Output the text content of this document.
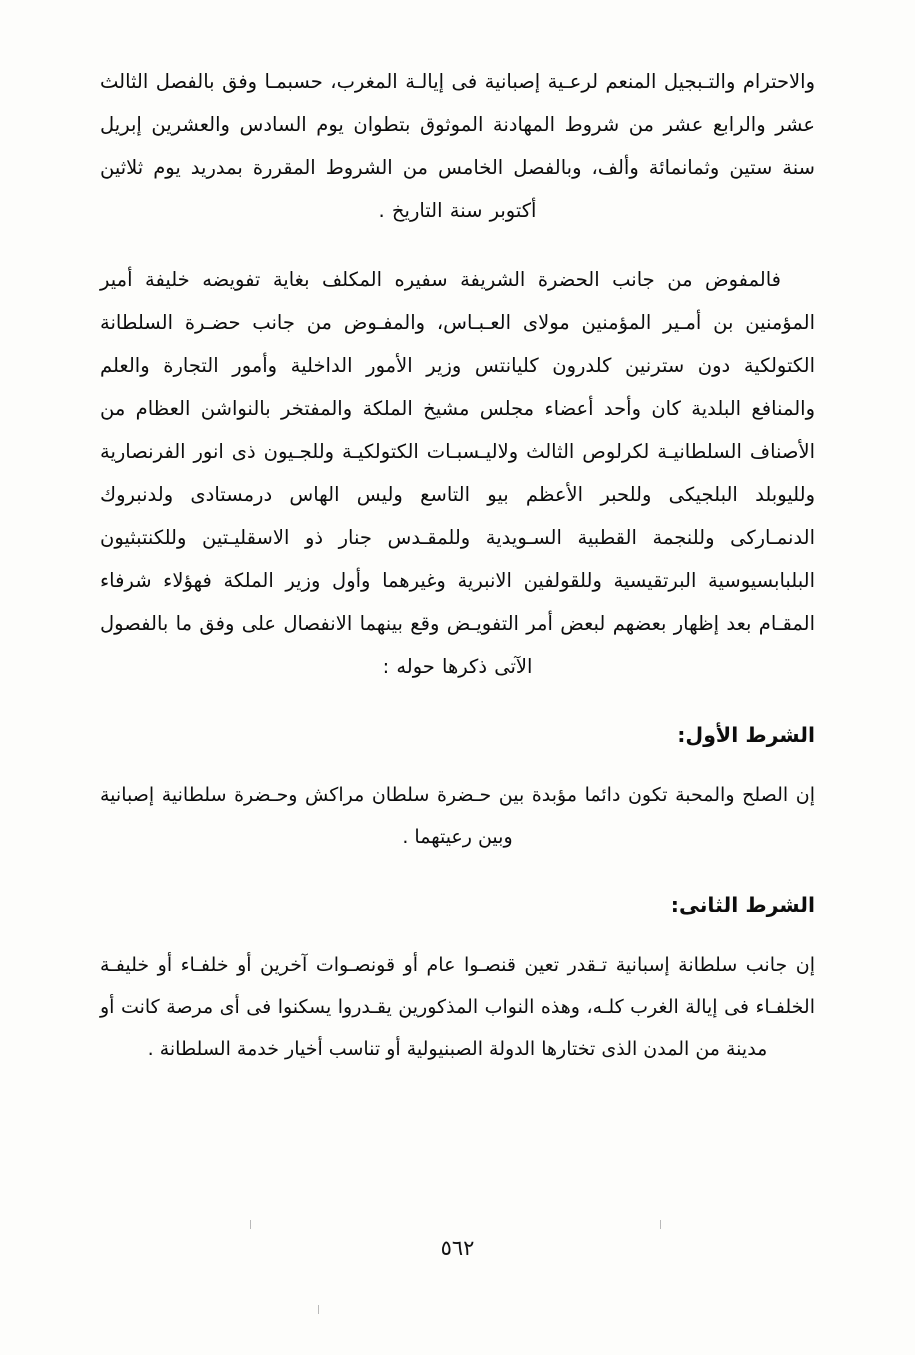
والاحترام والتـبجيل المنعم لرعـية إصبانية فى إيالـة المغرب، حسبمـا وفق بالفصل الثالث عشر والرابع عشر من شروط المهادنة الموثوق بتطوان يوم السادس والعشرين إبريل سنة ستين وثمانمائة وألف، وبالفصل الخامس من الشروط المقررة بمدريد يوم ثلاثين أكتوبر سنة التاريخ .

فالمفوض من جانب الحضرة الشريفة سفيره المكلف بغاية تفويضه خليفة أمير المؤمنين بن أمـير المؤمنين مولاى العـبـاس، والمفـوض من جانب حضـرة السلطانة الكتولكية دون سترنين كلدرون كليانتس وزير الأمور الداخلية وأمور التجارة والعلم والمنافع البلدية كان وأحد أعضاء مجلس مشيخ الملكة والمفتخر بالنواشن العظام من الأصناف السلطانيـة لكرلوص الثالث ولاليـسبـات الكتولكيـة وللجـيون ذى انور الفرنصارية ولليوبلد البلجيكى وللحبر الأعظم بيو التاسع وليس الهاس درمستادى ولدنبروك الدنمـاركى وللنجمة القطبية السـويدية وللمقـدس جنار ذو الاسقليـتين وللكنتبثيون البلبابسيوسية البرتقيسية وللقولفين الانبرية وغيرهما وأول وزير الملكة فهؤلاء شرفاء المقـام بعد إظهار بعضهم لبعض أمر التفويـض وقع بينهما الانفصال على وفق ما بالفصول الآتى ذكرها حوله :

الشرط الأول:

إن الصلح والمحبة تكون دائما مؤبدة بين حـضرة سلطان مراكش وحـضرة سلطانية إصبانية وبين رعيتهما .

الشرط الثانى:

إن جانب سلطانة إسبانية تـقدر تعين قنصـوا عام أو قونصـوات آخرين أو خلفـاء أو خليفـة الخلفـاء فى إيالة الغرب كلـه، وهذه النواب المذكورين يقـدروا يسكنوا فى أى مرصة كانت أو مدينة من المدن الذى تختارها الدولة الصبنيولية أو تناسب أخيار خدمة السلطانة .

٥٦٢
